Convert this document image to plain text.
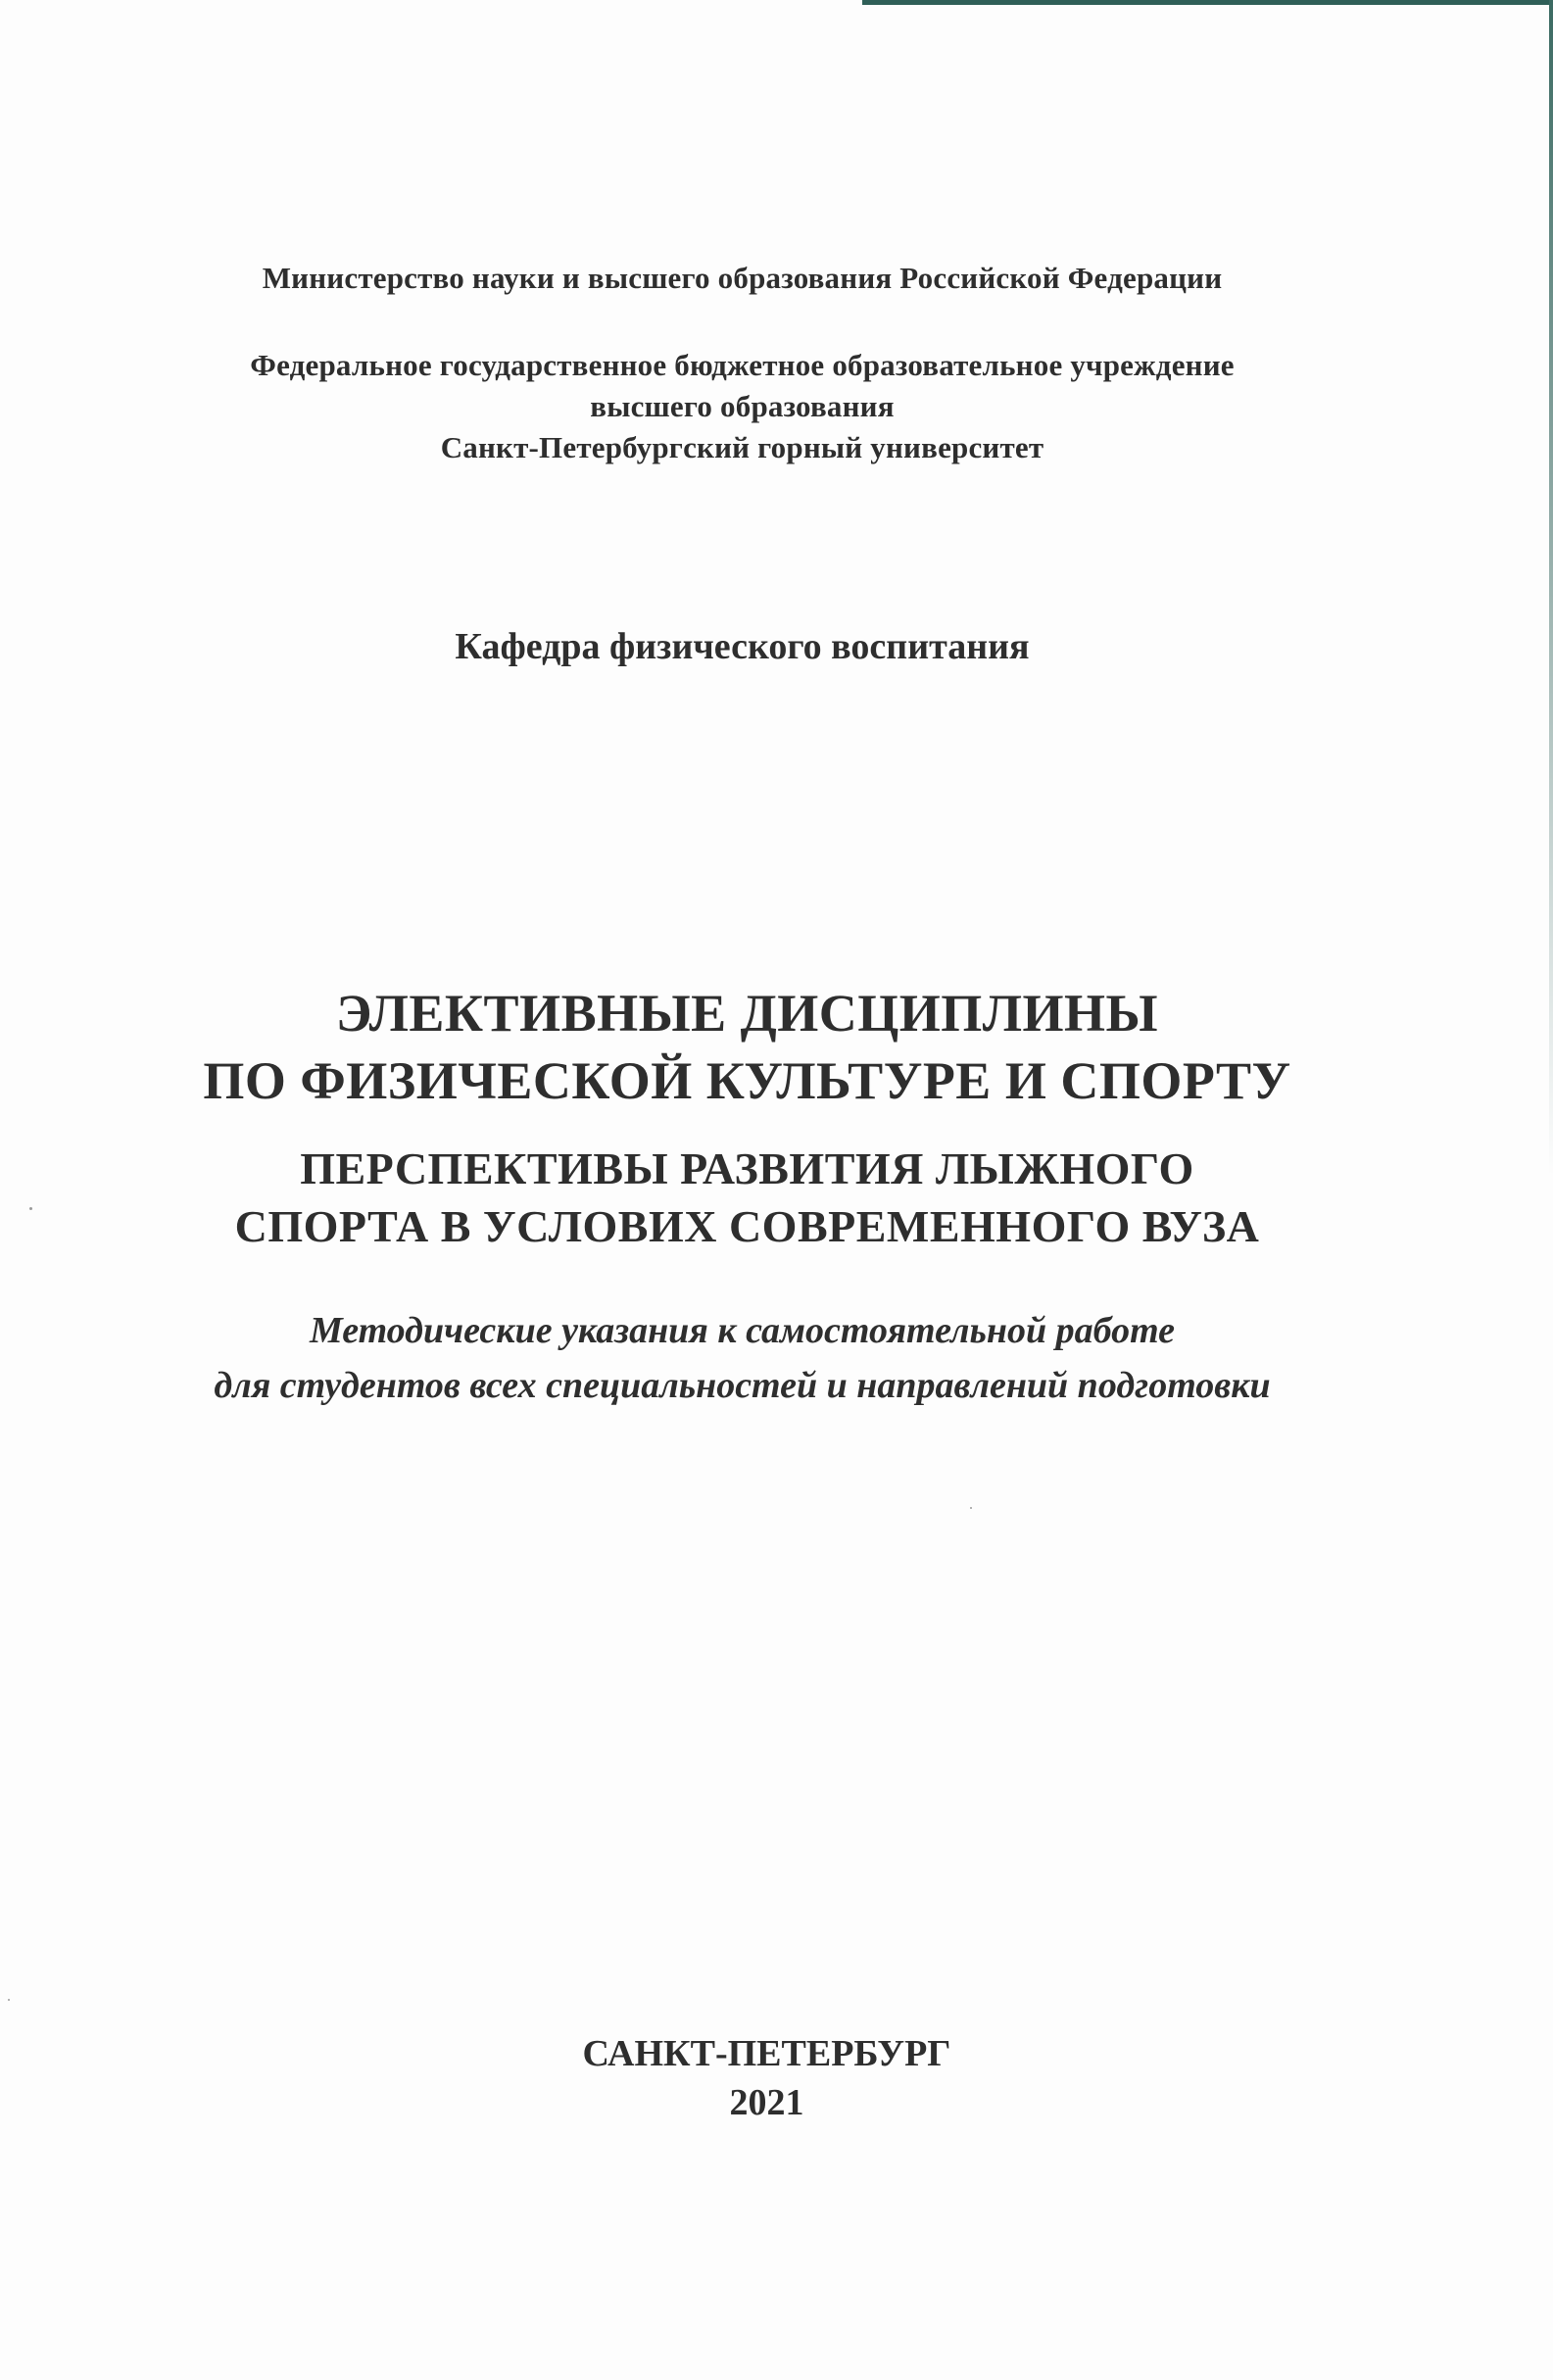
Министерство науки и высшего образования Российской Федерации

Федеральное государственное бюджетное образовательное учреждение

высшего образования

Санкт-Петербургский горный университет

Кафедра физического воспитания

ЭЛЕКТИВНЫЕ ДИСЦИПЛИНЫ

ПО ФИЗИЧЕСКОЙ КУЛЬТУРЕ И СПОРТУ

ПЕРСПЕКТИВЫ РАЗВИТИЯ ЛЫЖНОГО

СПОРТА В УСЛОВИХ СОВРЕМЕННОГО ВУЗА

Методические указания к самостоятельной работе

для студентов всех специальностей и направлений подготовки

САНКТ-ПЕТЕРБУРГ

2021
